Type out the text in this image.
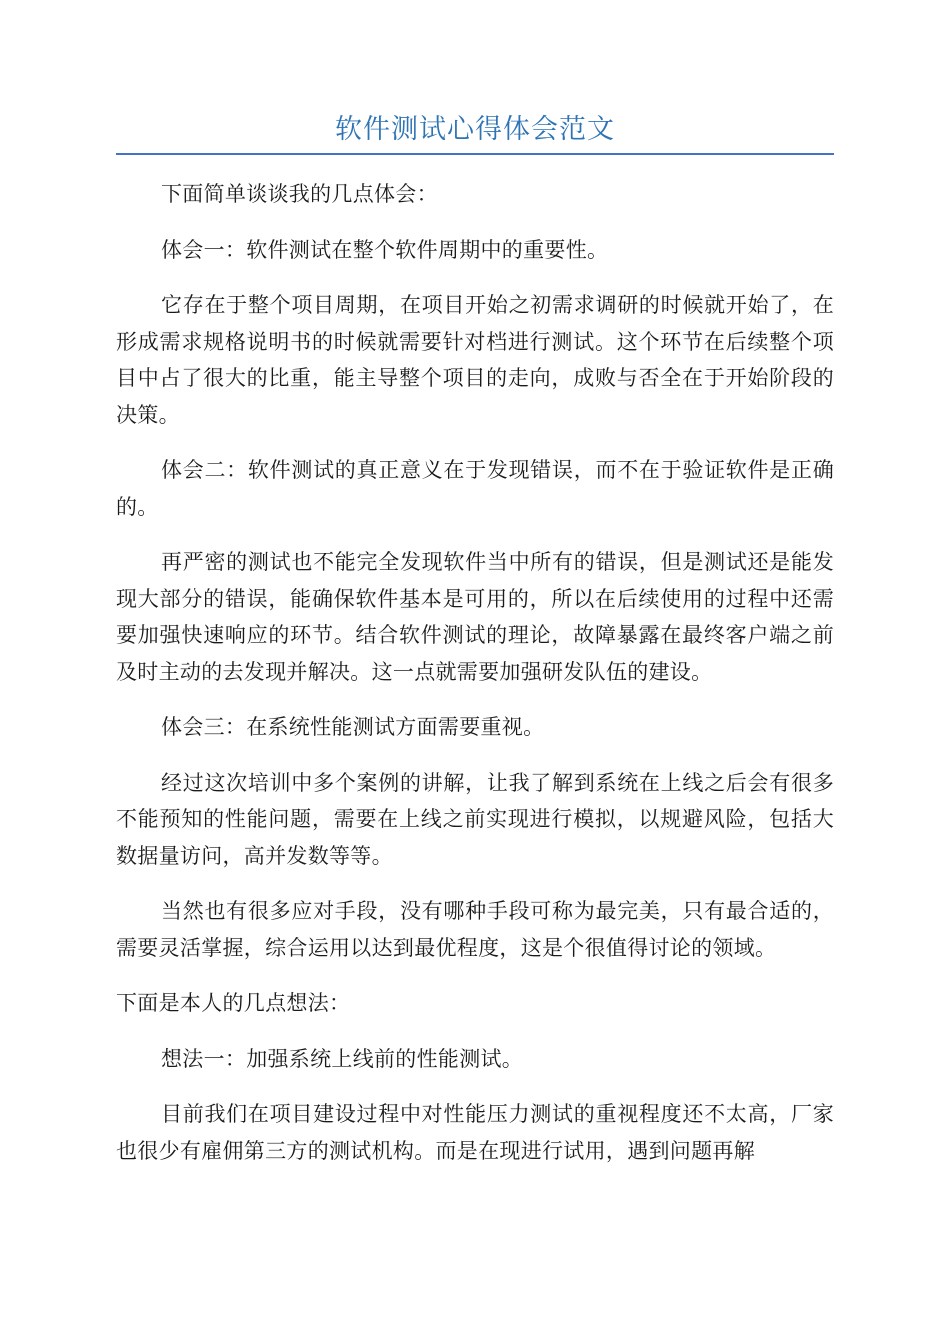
软件测试心得体会范文

下面简单谈谈我的几点体会：

体会一：软件测试在整个软件周期中的重要性。

它存在于整个项目周期，在项目开始之初需求调研的时候就开始了，在形成需求规格说明书的时候就需要针对档进行测试。这个环节在后续整个项目中占了很大的比重，能主导整个项目的走向，成败与否全在于开始阶段的决策。

体会二：软件测试的真正意义在于发现错误，而不在于验证软件是正确的。

再严密的测试也不能完全发现软件当中所有的错误，但是测试还是能发现大部分的错误，能确保软件基本是可用的，所以在后续使用的过程中还需要加强快速响应的环节。结合软件测试的理论，故障暴露在最终客户端之前及时主动的去发现并解决。这一点就需要加强研发队伍的建设。

体会三：在系统性能测试方面需要重视。

经过这次培训中多个案例的讲解，让我了解到系统在上线之后会有很多不能预知的性能问题，需要在上线之前实现进行模拟，以规避风险，包括大数据量访问，高并发数等等。

当然也有很多应对手段，没有哪种手段可称为最完美，只有最合适的，需要灵活掌握，综合运用以达到最优程度，这是个很值得讨论的领域。

下面是本人的几点想法：

想法一：加强系统上线前的性能测试。

目前我们在项目建设过程中对性能压力测试的重视程度还不太高，厂家也很少有雇佣第三方的测试机构。而是在现进行试用，遇到问题再解
